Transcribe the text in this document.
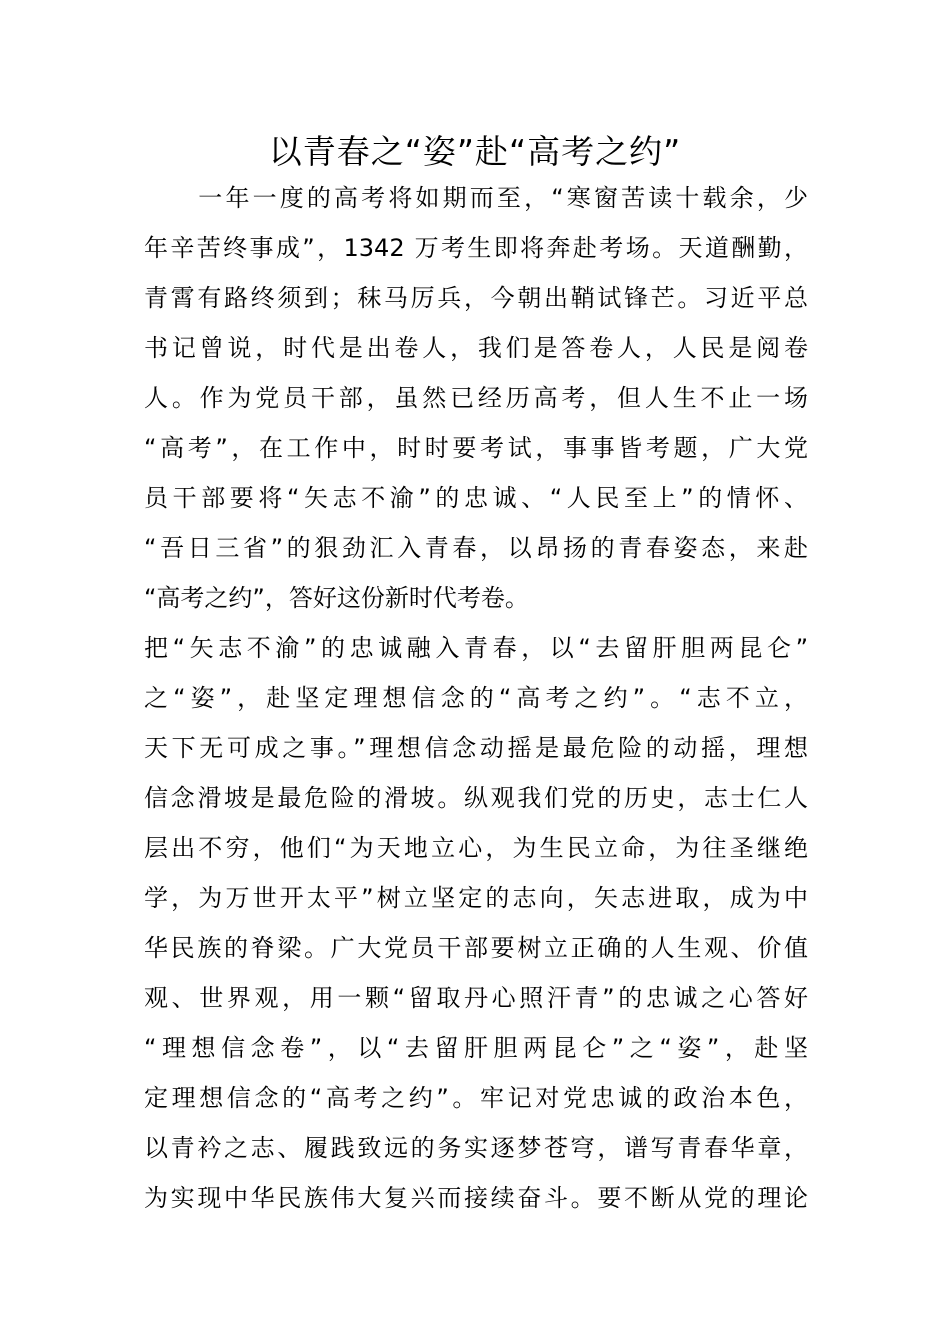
以青春之“姿”赴“高考之约”
　　一年一度的高考将如期而至，“寒窗苦读十载余，少
年辛苦终事成”，1342 万考生即将奔赴考场。天道酬勤，
青霄有路终须到；秣马厉兵，今朝出鞘试锋芒。习近平总
书记曾说，时代是出卷人，我们是答卷人，人民是阅卷
人。作为党员干部，虽然已经历高考，但人生不止一场
“高考”，在工作中，时时要考试，事事皆考题，广大党
员干部要将“矢志不渝”的忠诚、“人民至上”的情怀、
“吾日三省”的狠劲汇入青春，以昂扬的青春姿态，来赴
“高考之约”，答好这份新时代考卷。
把“矢志不渝”的忠诚融入青春，以“去留肝胆两昆仑”
之“姿”，赴坚定理想信念的“高考之约”。“志不立，
天下无可成之事。”理想信念动摇是最危险的动摇，理想
信念滑坡是最危险的滑坡。纵观我们党的历史，志士仁人
层出不穷，他们“为天地立心，为生民立命，为往圣继绝
学，为万世开太平”树立坚定的志向，矢志进取，成为中
华民族的脊梁。广大党员干部要树立正确的人生观、价值
观、世界观，用一颗“留取丹心照汗青”的忠诚之心答好
“理想信念卷”，以“去留肝胆两昆仑”之“姿”，赴坚
定理想信念的“高考之约”。牢记对党忠诚的政治本色，
以青衿之志、履践致远的务实逐梦苍穹，谱写青春华章，
为实现中华民族伟大复兴而接续奋斗。要不断从党的理论
